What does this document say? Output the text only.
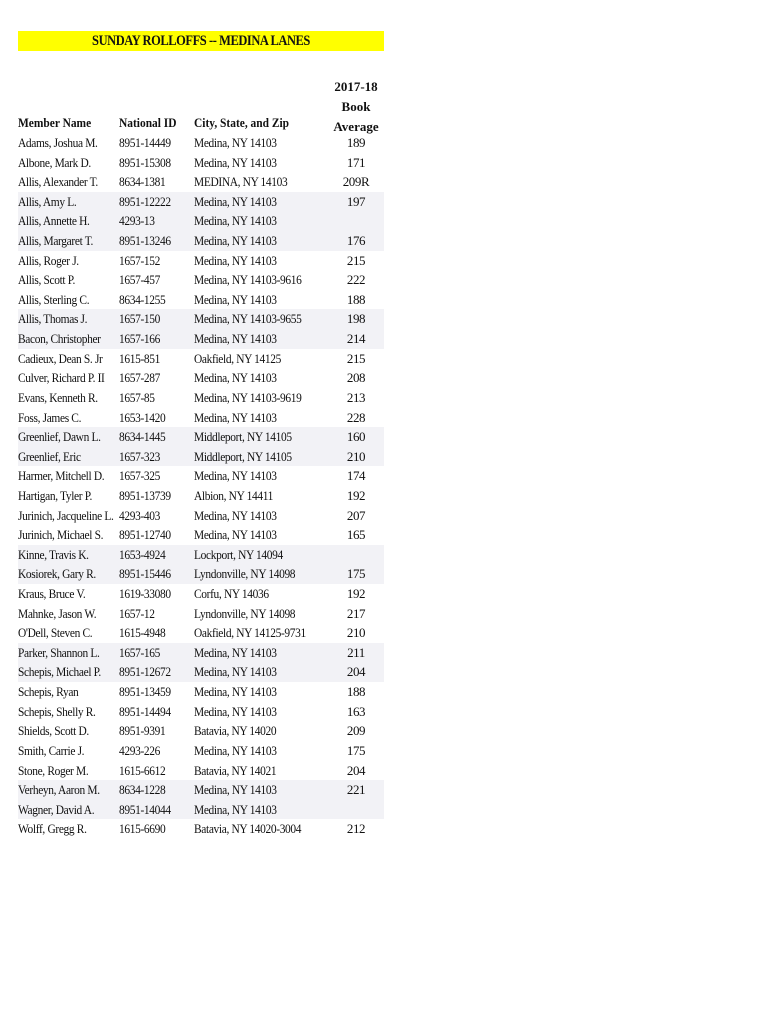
SUNDAY ROLLOFFS -- MEDINA LANES
2017-18
Book
Average
Member Name	National ID	City, State, and Zip
Adams, Joshua M.	8951-14449	Medina, NY 14103	189
Albone, Mark D.	8951-15308	Medina, NY 14103	171
Allis, Alexander T.	8634-1381	MEDINA, NY 14103	209R
Allis, Amy L.	8951-12222	Medina, NY 14103	197
Allis, Annette H.	4293-13	Medina, NY 14103
Allis, Margaret T.	8951-13246	Medina, NY 14103	176
Allis, Roger J.	1657-152	Medina, NY 14103	215
Allis, Scott P.	1657-457	Medina, NY 14103-9616	222
Allis, Sterling C.	8634-1255	Medina, NY 14103	188
Allis, Thomas J.	1657-150	Medina, NY 14103-9655	198
Bacon, Christopher	1657-166	Medina, NY 14103	214
Cadieux, Dean S. Jr 1615-851	Oakfield, NY 14125	215
Culver, Richard P. II 1657-287	Medina, NY 14103	208
Evans, Kenneth R.	1657-85	Medina, NY 14103-9619	213
Foss, James C.	1653-1420	Medina, NY 14103	228
Greenlief, Dawn L.	8634-1445	Middleport, NY 14105	160
Greenlief, Eric	1657-323	Middleport, NY 14105	210
Harmer, Mitchell D. 1657-325	Medina, NY 14103	174
Hartigan, Tyler P.	8951-13739	Albion, NY 14411	192
Jurinich, Jacqueline L. 4293-403	Medina, NY 14103	207
Jurinich, Michael S. 8951-12740	Medina, NY 14103	165
Kinne, Travis K.	1653-4924	Lockport, NY 14094
Kosiorek, Gary R.	8951-15446	Lyndonville, NY 14098	175
Kraus, Bruce V.	1619-33080	Corfu, NY 14036	192
Mahnke, Jason W.	1657-12	Lyndonville, NY 14098	217
O'Dell, Steven C.	1615-4948	Oakfield, NY 14125-9731	210
Parker, Shannon L.	1657-165	Medina, NY 14103	211
Schepis, Michael P.	8951-12672	Medina, NY 14103	204
Schepis, Ryan	8951-13459	Medina, NY 14103	188
Schepis, Shelly R.	8951-14494	Medina, NY 14103	163
Shields, Scott D.	8951-9391	Batavia, NY 14020	209
Smith, Carrie J.	4293-226	Medina, NY 14103	175
Stone, Roger M.	1615-6612	Batavia, NY 14021	204
Verheyn, Aaron M.	8634-1228	Medina, NY 14103	221
Wagner, David A.	8951-14044	Medina, NY 14103
Wolff, Gregg R.	1615-6690	Batavia, NY 14020-3004	212
